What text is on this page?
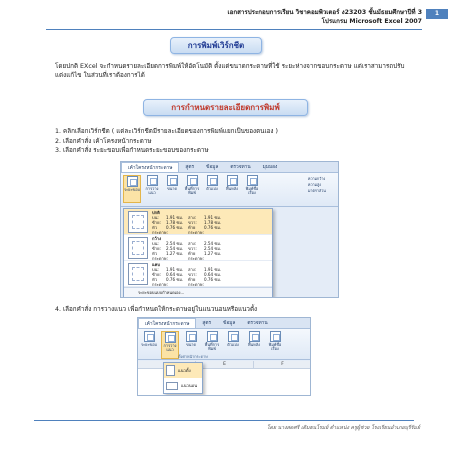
เอกสารประกอบการเรียน วิชาคอมพิวเตอร์ ง23203 ชั้นมัธยมศึกษาปีที่ 3
โปรแกรม Microsoft Excel 2007
1
การพิมพ์เวิร์กชีต
โดยปกติ EXcel จะกำหนดรายละเอียดการพิมพ์ให้อัตโนมัติ ตั้งแต่ขนาดกระดาษที่ใช้ ระยะห่างจากขอบกระดาษ แต่เราสามารถปรับแต่งแก้ไข ในส่วนที่เราต้องการได้
การกำหนดรายละเอียดการพิมพ์
1. คลิกเลือกเวิร์กชีต ( แต่ละเวิร์กชีตมีรายละเอียดของการพิมพ์แยกเป็นของตนเอง )
2. เลือกคำสั่ง เค้าโครงหน้ากระดาษ
3. เลือกคำสั่ง ระยะขอบเพื่อกำหนดระยะขอบของกระดาษ
เค้าโครงหน้ากระดาษ	สูตร	ข้อมูล	ตรวจทาน	มุมมอง
ระยะขอบ	การวางแนว
ขนาด	พื้นที่การพิมพ์
ตัวแบ่ง พื้นหลัง	พิมพ์ชื่อเรื่อง
ความกว้าง
ความสูง
มาตราส่วน
ปกติ
บน:	1.91 ซม.	ล่าง:	1.91 ซม.
ซ้าย:	1.78 ซม.	ขวา:	1.78 ซม.
หัวกระดาษ:
0.76 ซม.	ท้ายกระดาษ:
0.76 ซม.
กว้าง
บน:	2.54 ซม.	ล่าง:	2.54 ซม.
ซ้าย:	2.54 ซม.	ขวา:	2.54 ซม.
หัวกระดาษ:
1.27 ซม.	ท้ายกระดาษ:
1.27 ซม.
แคบ
บน:	1.91 ซม.	ล่าง:	1.91 ซม.
ซ้าย:	0.64 ซม.	ขวา:	0.64 ซม.
หัวกระดาษ:
0.76 ซม.	ท้ายกระดาษ:
0.76 ซม.
ระยะขอบแบบกำหนดเอง...
4. เลือกคำสั่ง การวางแนว เพื่อกำหนดให้กระดาษอยู่ในแนวนอนหรือแนวตั้ง
เค้าโครงหน้ากระดาษ	สูตร	ข้อมูล	ตรวจทาน
ระยะขอบ	การวางแนว
ขนาด	พื้นที่การพิมพ์
ตัวแบ่ง พื้นหลัง	พิมพ์ชื่อเรื่อง
ตั้งค่าหน้ากระดาษ
E	F
แนวตั้ง
แนวนอน
โดย นางสดศรี เติมธนโรมย์ ตำแหน่ง ครูผู้ช่วย โรงเรียนอำเภอบุรีรัมย์
